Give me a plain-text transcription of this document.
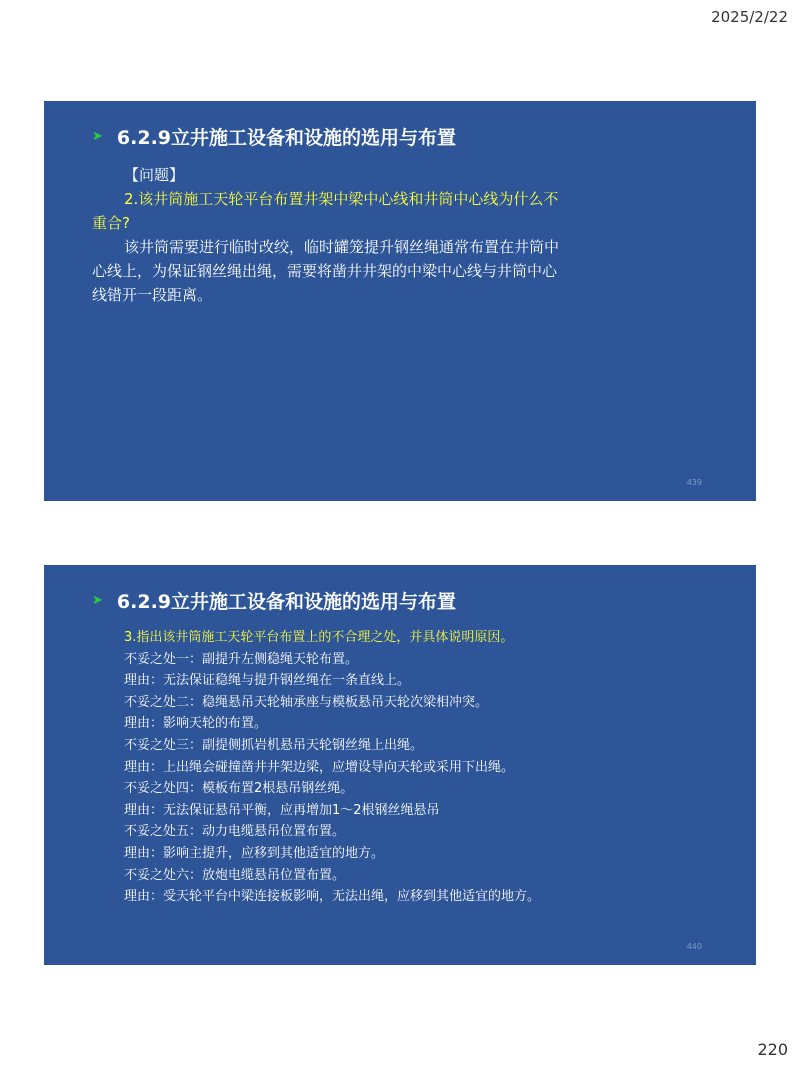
2025/2/22
➤ 6.2.9立井施工设备和设施的选用与布置

【问题】

2.该井筒施工天轮平台布置井架中梁中心线和井筒中心线为什么不重合?

该井筒需要进行临时改绞，临时罐笼提升钢丝绳通常布置在井筒中心线上，为保证钢丝绳出绳，需要将凿井井架的中梁中心线与井筒中心线错开一段距离。

439
➤ 6.2.9立井施工设备和设施的选用与布置

3.指出该井筒施工天轮平台布置上的不合理之处，并具体说明原因。

不妥之处一：副提升左侧稳绳天轮布置。

理由：无法保证稳绳与提升钢丝绳在一条直线上。

不妥之处二：稳绳悬吊天轮轴承座与模板悬吊天轮次梁相冲突。

理由：影响天轮的布置。

不妥之处三：副提侧抓岩机悬吊天轮钢丝绳上出绳。

理由：上出绳会碰撞凿井井架边梁，应增设导向天轮或采用下出绳。

不妥之处四：模板布置2根悬吊钢丝绳。

理由：无法保证悬吊平衡，应再增加1～2根钢丝绳悬吊

不妥之处五：动力电缆悬吊位置布置。

理由：影响主提升，应移到其他适宜的地方。

不妥之处六：放炮电缆悬吊位置布置。

理由：受天轮平台中梁连接板影响，无法出绳，应移到其他适宜的地方。

440
220
